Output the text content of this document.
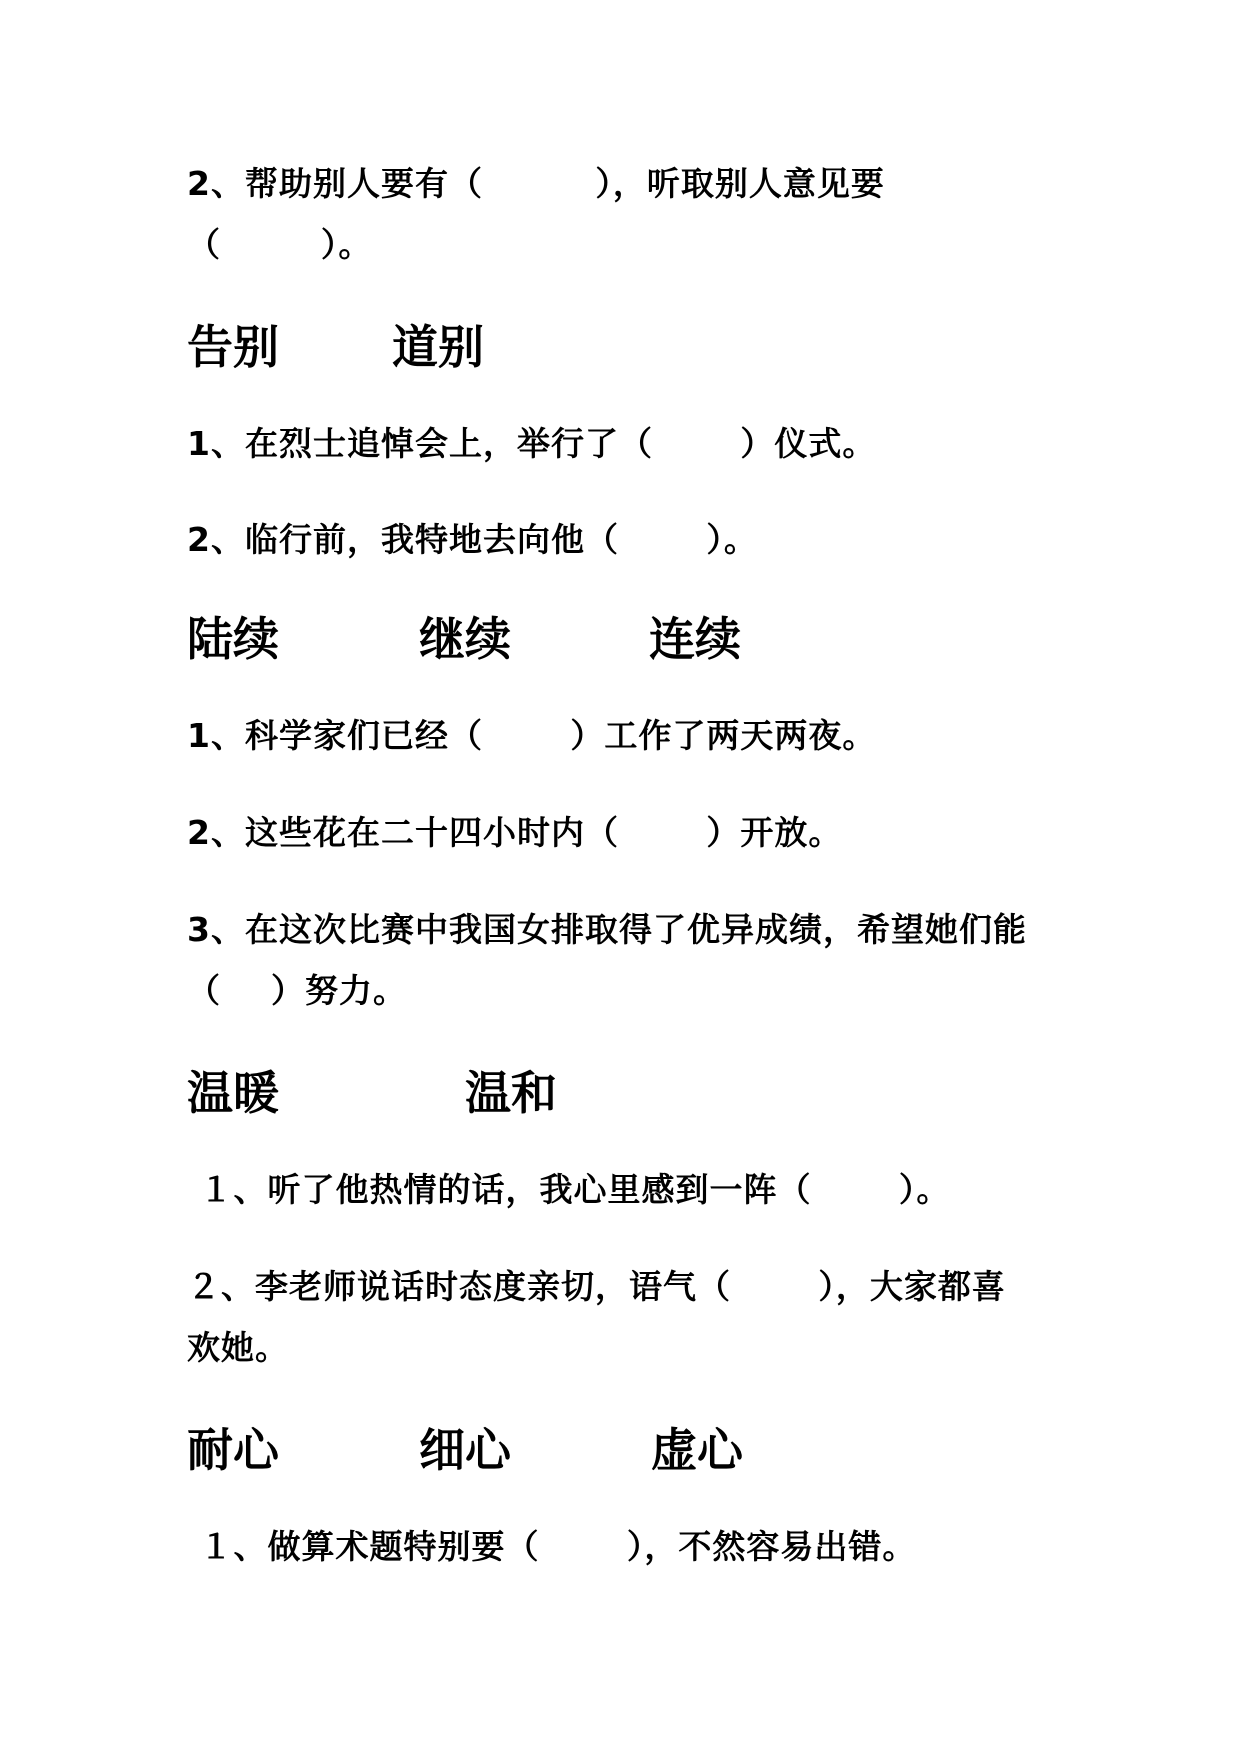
2、帮助别人要有（         ），听取别人意见要
（        ）。

告别

道别

1、在烈士追悼会上，举行了（       ）仪式。
2、临行前，我特地去向他（       ）。

陆续

	继续

	连续

1、科学家们已经（       ）工作了两天两夜。
2、这些花在二十四小时内（       ）开放。
3、在这次比赛中我国女排取得了优异成绩，希望她们能
（    ）努力。

温暖

	温和

１、听了他热情的话，我心里感到一阵（       ）。
２、李老师说话时态度亲切，语气（       ），大家都喜
欢她。

耐心

	细心

	虚心

１、做算术题特别要（       ），不然容易出错。
